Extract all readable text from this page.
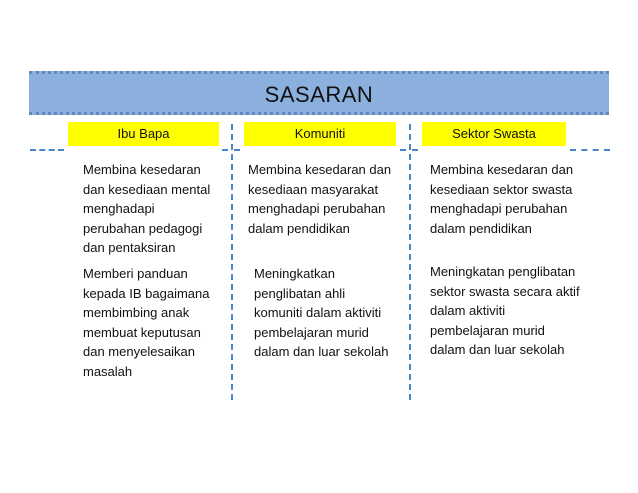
SASARAN
Ibu Bapa	Komuniti	Sektor Swasta
Membina kesedaran
dan kesediaan mental
menghadapi
perubahan pedagogi
dan pentaksiran
Membina kesedaran dan
kesediaan masyarakat
menghadapi perubahan
dalam pendidikan
Membina kesedaran dan
kesediaan sektor swasta
menghadapi perubahan
dalam pendidikan
Memberi panduan
kepada IB bagaimana
membimbing anak
membuat keputusan
dan menyelesaikan
masalah
Meningkatkan
penglibatan ahli
komuniti dalam aktiviti
pembelajaran murid
dalam dan luar sekolah
Meningkatan penglibatan
sektor swasta secara aktif
dalam aktiviti
pembelajaran murid
dalam dan luar sekolah
